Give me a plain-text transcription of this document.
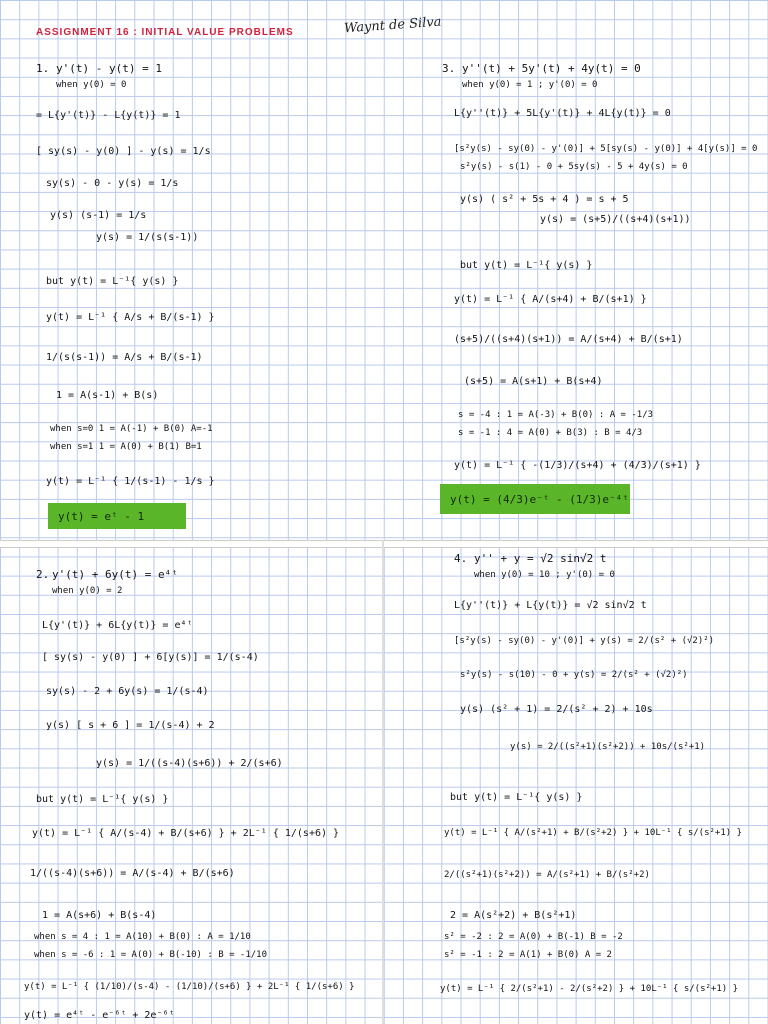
ASSIGNMENT 16 : INITIAL VALUE PROBLEMS	Waynt de Silva
1. y'(t) - y(t) = 1
when y(0) = 0
= L{y'(t)} - L{y(t)} = 1
[ sy(s) - y(0) ] - y(s) = 1/s
sy(s) - 0 - y(s) = 1/s
y(s) (s-1) = 1/s
y(s) = 1/(s(s-1))
but y(t) = L⁻¹{ y(s) }
y(t) = L⁻¹ { A/s + B/(s-1) }
1/(s(s-1)) = A/s + B/(s-1)
1 = A(s-1) + B(s)
when s=0 1 = A(-1) + B(0) A=-1
when s=1 1 = A(0) + B(1) B=1
y(t) = L⁻¹ { 1/(s-1) - 1/s }
y(t) = eᵗ - 1
3. y''(t) + 5y'(t) + 4y(t) = 0
when y(0) = 1 ; y'(0) = 0
L{y''(t)} + 5L{y'(t)} + 4L{y(t)} = 0
[s²y(s) - sy(0) - y'(0)] + 5[sy(s) - y(0)] + 4[y(s)] = 0
s²y(s) - s(1) - 0 + 5sy(s) - 5 + 4y(s) = 0
y(s) ( s² + 5s + 4 ) = s + 5
y(s) = (s+5)/((s+4)(s+1))
but y(t) = L⁻¹{ y(s) }
y(t) = L⁻¹ { A/(s+4) + B/(s+1) }
(s+5)/((s+4)(s+1)) = A/(s+4) + B/(s+1)
(s+5) = A(s+1) + B(s+4)
s = -4 : 1 = A(-3) + B(0) : A = -1/3
s = -1 : 4 = A(0) + B(3) : B = 4/3
y(t) = L⁻¹ { -(1/3)/(s+4) + (4/3)/(s+1) }
y(t) = (4/3)e⁻ᵗ - (1/3)e⁻⁴ᵗ
2. y'(t) + 6y(t) = e⁴ᵗ
when y(0) = 2
L{y'(t)} + 6L{y(t)} = e⁴ᵗ
[ sy(s) - y(0) ] + 6[y(s)] = 1/(s-4)
sy(s) - 2 + 6y(s) = 1/(s-4)
y(s) [ s + 6 ] = 1/(s-4) + 2
y(s) = 1/((s-4)(s+6)) + 2/(s+6)
but y(t) = L⁻¹{ y(s) }
y(t) = L⁻¹ { A/(s-4) + B/(s+6) } + 2L⁻¹ { 1/(s+6) }
1/((s-4)(s+6)) = A/(s-4) + B/(s+6)
1 = A(s+6) + B(s-4)
when s = 4 : 1 = A(10) + B(0) : A = 1/10
when s = -6 : 1 = A(0) + B(-10) : B = -1/10
y(t) = L⁻¹ { (1/10)/(s-4) - (1/10)/(s+6) } + 2L⁻¹ { 1/(s+6) }
y(t) = e⁴ᵗ - e⁻⁶ᵗ + 2e⁻⁶ᵗ
4. y'' + y = √2 sin√2 t
when y(0) = 10 ; y'(0) = 0
L{y''(t)} + L{y(t)} = √2 sin√2 t
[s²y(s) - sy(0) - y'(0)] + y(s) = 2/(s² + (√2)²)
s²y(s) - s(10) - 0 + y(s) = 2/(s² + (√2)²)
y(s) (s² + 1) = 2/(s² + 2) + 10s
y(s) = 2/((s²+1)(s²+2)) + 10s/(s²+1)
but y(t) = L⁻¹{ y(s) }
y(t) = L⁻¹ { A/(s²+1) + B/(s²+2) } + 10L⁻¹ { s/(s²+1) }
2/((s²+1)(s²+2)) = A/(s²+1) + B/(s²+2)
2 = A(s²+2) + B(s²+1)
s² = -2 : 2 = A(0) + B(-1) B = -2
s² = -1 : 2 = A(1) + B(0) A = 2
y(t) = L⁻¹ { 2/(s²+1) - 2/(s²+2) } + 10L⁻¹ { s/(s²+1) }
